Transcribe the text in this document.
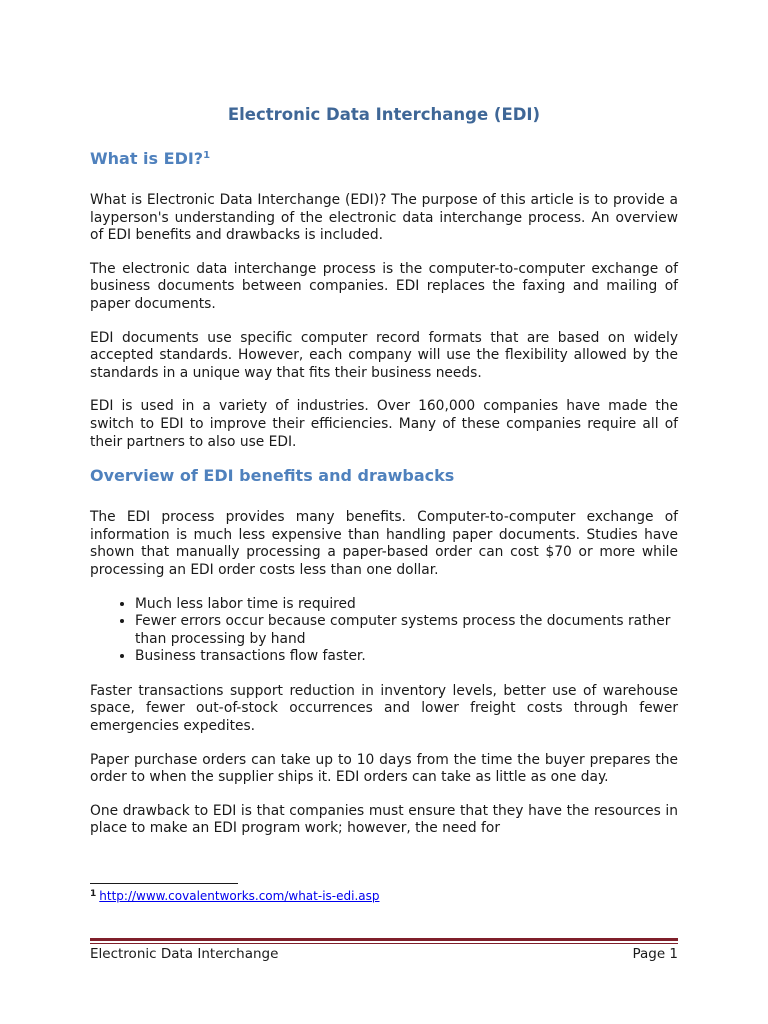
Electronic Data Interchange (EDI)
What is EDI?$^1$

What is Electronic Data Interchange (EDI)? The purpose of this article is to provide a layperson's understanding of the electronic data interchange process. An overview of EDI benefits and drawbacks is included.

The electronic data interchange process is the computer-to-computer exchange of business documents between companies. EDI replaces the faxing and mailing of paper documents.

EDI documents use specific computer record formats that are based on widely accepted standards. However, each company will use the flexibility allowed by the standards in a unique way that fits their business needs.

EDI is used in a variety of industries. Over 160,000 companies have made the switch to EDI to improve their efficiencies. Many of these companies require all of their partners to also use EDI.

Overview of EDI benefits and drawbacks

The EDI process provides many benefits. Computer-to-computer exchange of information is much less expensive than handling paper documents. Studies have shown that manually processing a paper-based order can cost $70 or more while processing an EDI order costs less than one dollar.

• Much less labor time is required
• Fewer errors occur because computer systems process the documents rather than processing by hand
• Business transactions flow faster.

Faster transactions support reduction in inventory levels, better use of warehouse space, fewer out-of-stock occurrences and lower freight costs through fewer emergencies expedites.

Paper purchase orders can take up to 10 days from the time the buyer prepares the order to when the supplier ships it. EDI orders can take as little as one day.

One drawback to EDI is that companies must ensure that they have the resources in place to make an EDI program work; however, the need for

$^1$ http://www.covalentworks.com/what-is-edi.asp
Electronic Data Interchange	Page 1
